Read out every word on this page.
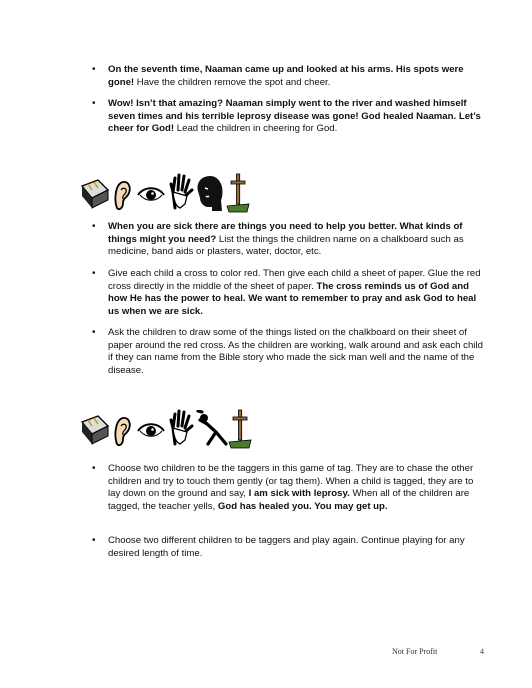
• On the seventh time, Naaman came up and looked at his arms. His spots were gone! Have the children remove the spot and cheer.
• Wow! Isn’t that amazing? Naaman simply went to the river and washed himself seven times and his terrible leprosy disease was gone! God healed Naaman. Let’s cheer for God! Lead the children in cheering for God.
• When you are sick there are things you need to help you better. What kinds of things might you need? List the things the children name on a chalkboard such as medicine, band aids or plasters, water, doctor, etc.
• Give each child a cross to color red. Then give each child a sheet of paper. Glue the red cross directly in the middle of the sheet of paper. The cross reminds us of God and how He has the power to heal. We want to remember to pray and ask God to heal us when we are sick.
• Ask the children to draw some of the things listed on the chalkboard on their sheet of paper around the red cross. As the children are working, walk around and ask each child if they can name from the Bible story who made the sick man well and the name of the disease.
• Choose two children to be the taggers in this game of tag. They are to chase the other children and try to touch them gently (or tag them). When a child is tagged, they are to lay down on the ground and say, I am sick with leprosy. When all of the children are tagged, the teacher yells, God has healed you. You may get up.
• Choose two different children to be taggers and play again. Continue playing for any desired length of time.
Not For Profit	4
